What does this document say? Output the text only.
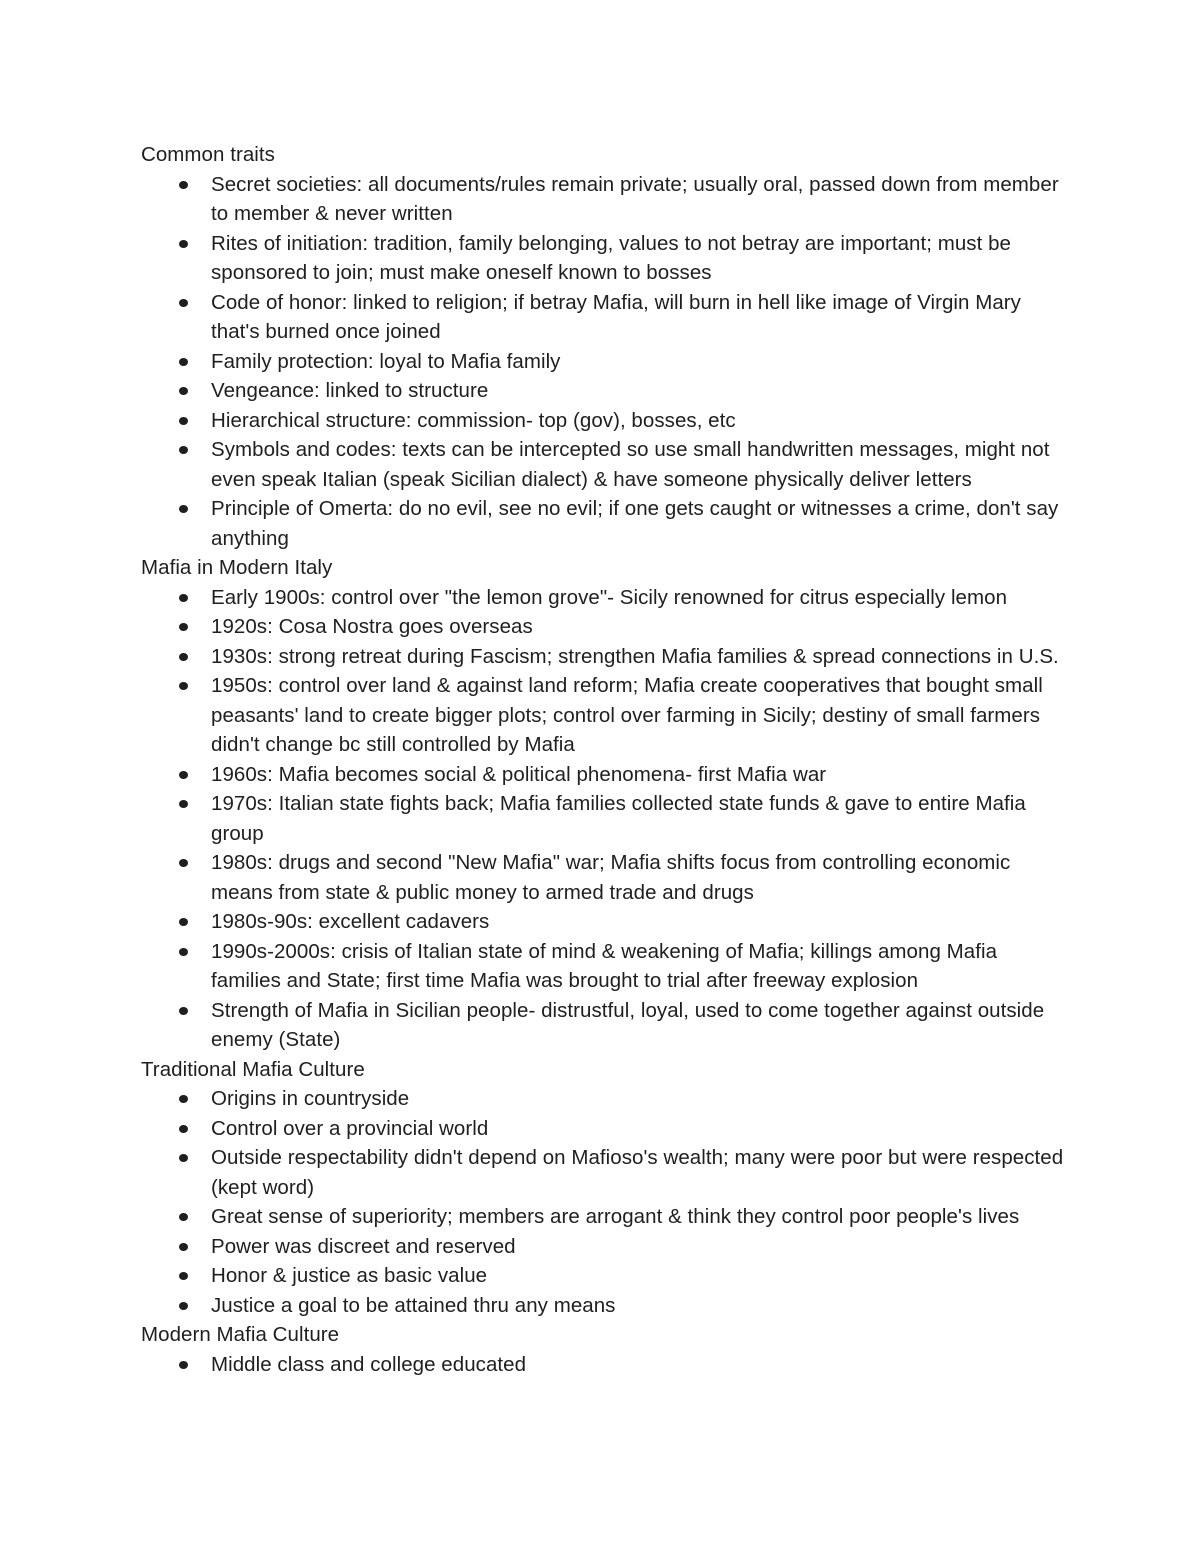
Common traits
Secret societies: all documents/rules remain private; usually oral, passed down from member to member & never written
Rites of initiation: tradition, family belonging, values to not betray are important; must be sponsored to join; must make oneself known to bosses
Code of honor: linked to religion; if betray Mafia, will burn in hell like image of Virgin Mary that's burned once joined
Family protection: loyal to Mafia family
Vengeance: linked to structure
Hierarchical structure: commission- top (gov), bosses, etc
Symbols and codes: texts can be intercepted so use small handwritten messages, might not even speak Italian (speak Sicilian dialect) & have someone physically deliver letters
Principle of Omerta: do no evil, see no evil; if one gets caught or witnesses a crime, don't say anything
Mafia in Modern Italy
Early 1900s: control over "the lemon grove"- Sicily renowned for citrus especially lemon
1920s: Cosa Nostra goes overseas
1930s: strong retreat during Fascism; strengthen Mafia families & spread connections in U.S.
1950s: control over land & against land reform; Mafia create cooperatives that bought small peasants' land to create bigger plots; control over farming in Sicily; destiny of small farmers didn't change bc still controlled by Mafia
1960s: Mafia becomes social & political phenomena- first Mafia war
1970s: Italian state fights back; Mafia families collected state funds & gave to entire Mafia group
1980s: drugs and second "New Mafia" war; Mafia shifts focus from controlling economic means from state & public money to armed trade and drugs
1980s-90s: excellent cadavers
1990s-2000s: crisis of Italian state of mind & weakening of Mafia; killings among Mafia families and State; first time Mafia was brought to trial after freeway explosion
Strength of Mafia in Sicilian people- distrustful, loyal, used to come together against outside enemy (State)
Traditional Mafia Culture
Origins in countryside
Control over a provincial world
Outside respectability didn't depend on Mafioso's wealth; many were poor but were respected (kept word)
Great sense of superiority; members are arrogant & think they control poor people's lives
Power was discreet and reserved
Honor & justice as basic value
Justice a goal to be attained thru any means
Modern Mafia Culture
Middle class and college educated
